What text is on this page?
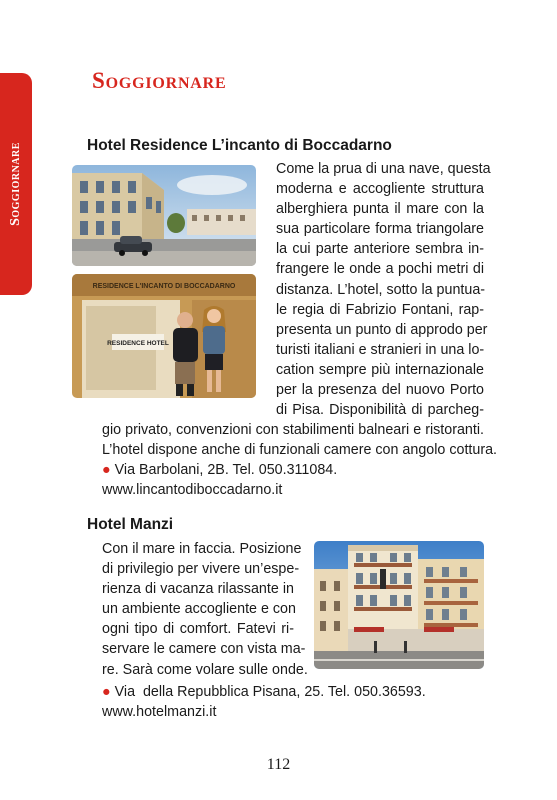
Soggiornare
Soggiornare
Hotel Residence L’incanto di Boccadarno
RESIDENCE L'INCANTO DI BOCCADARNO
RESIDENCE HOTEL
Come la prua di una nave, questa
moderna e accogliente struttura
alberghiera punta il mare con la
sua particolare forma triangolare
la cui parte anteriore sembra in-
frangere le onde a pochi metri di
distanza. L’hotel, sotto la puntua-
le regia di Fabrizio Fontani, rap-
presenta un punto di approdo per
turisti italiani e stranieri in una lo-
cation sempre più internazionale
per la presenza del nuovo Porto
di Pisa. Disponibilità di parcheg-
gio privato, convenzioni con stabilimenti balneari e ristoranti.
L’hotel dispone anche di funzionali camere con angolo cottura.
● Via Barbolani, 2B. Tel. 050.311084.
www.lincantodiboccadarno.it
Hotel Manzi
Con il mare in faccia. Posizione
di privilegio per vivere un’espe-
rienza di vacanza rilassante in
un ambiente accogliente e con
ogni tipo di comfort. Fatevi ri-
servare le camere con vista ma-
re. Sarà come volare sulle onde.
● Via  della Repubblica Pisana, 25. Tel. 050.36593.
www.hotelmanzi.it
112
